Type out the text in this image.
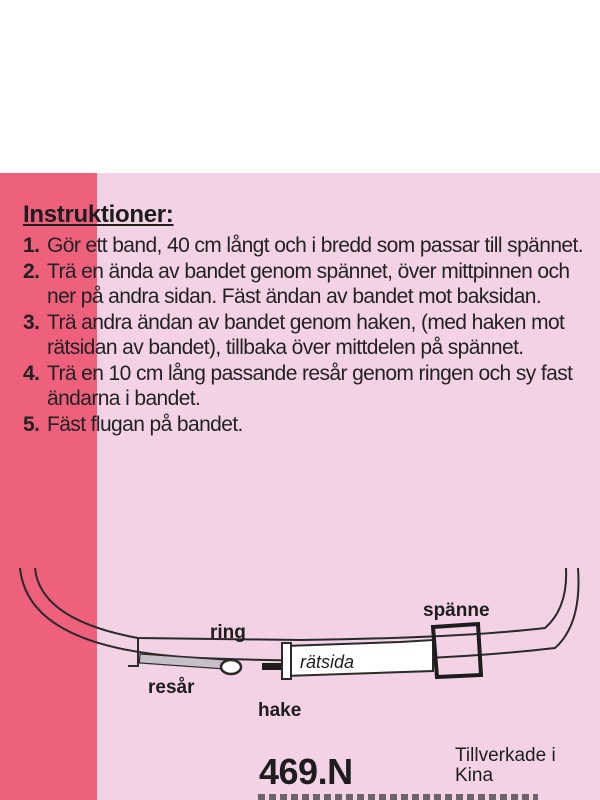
Instruktioner:
1. Gör ett band, 40 cm långt och i bredd som passar till spännet.
2. Trä en ända av bandet genom spännet, över mittpinnen och ner på andra sidan. Fäst ändan av bandet mot baksidan.
3. Trä andra ändan av bandet genom haken, (med haken mot rätsidan av bandet), tillbaka över mittdelen på spännet.
4. Trä en 10 cm lång passande resår genom ringen och sy fast ändarna i bandet.
5. Fäst flugan på bandet.
ring
resår
hake
rätsida
spänne
469.N	Tillverkade i Kina
